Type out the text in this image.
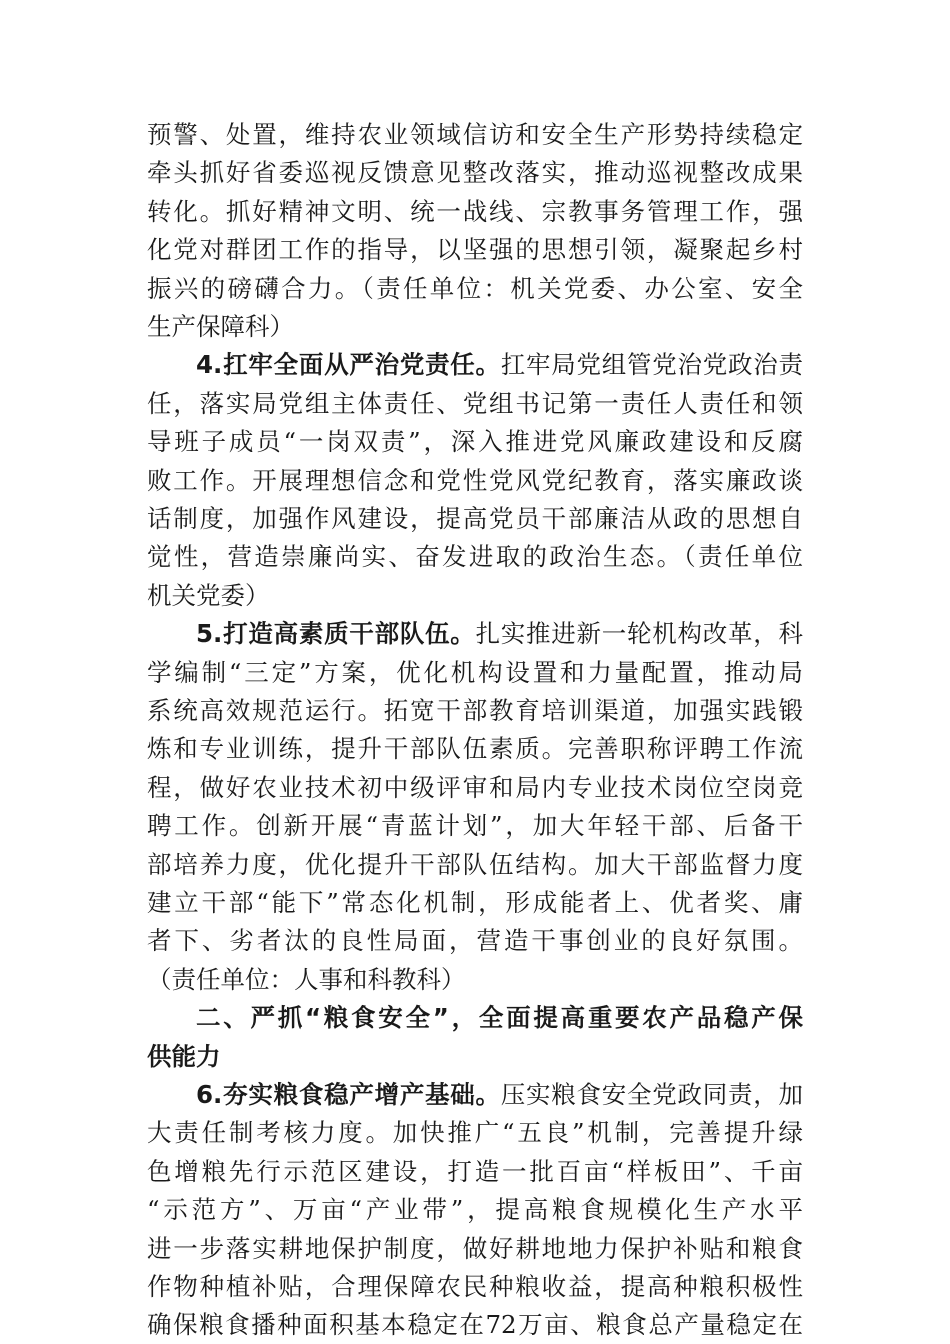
预警、处置，维持农业领域信访和安全生产形势持续稳定
牵头抓好省委巡视反馈意见整改落实，推动巡视整改成果
转化。抓好精神文明、统一战线、宗教事务管理工作，强
化党对群团工作的指导，以坚强的思想引领，凝聚起乡村
振兴的磅礴合力。（责任单位：机关党委、办公室、安全
生产保障科）
4.扛牢全面从严治党责任。扛牢局党组管党治党政治责
任，落实局党组主体责任、党组书记第一责任人责任和领
导班子成员“一岗双责”，深入推进党风廉政建设和反腐
败工作。开展理想信念和党性党风党纪教育，落实廉政谈
话制度，加强作风建设，提高党员干部廉洁从政的思想自
觉性，营造崇廉尚实、奋发进取的政治生态。（责任单位
机关党委）
5.打造高素质干部队伍。扎实推进新一轮机构改革，科
学编制“三定”方案，优化机构设置和力量配置，推动局
系统高效规范运行。拓宽干部教育培训渠道，加强实践锻
炼和专业训练，提升干部队伍素质。完善职称评聘工作流
程，做好农业技术初中级评审和局内专业技术岗位空岗竞
聘工作。创新开展“青蓝计划”，加大年轻干部、后备干
部培养力度，优化提升干部队伍结构。加大干部监督力度
建立干部“能下”常态化机制，形成能者上、优者奖、庸
者下、劣者汰的良性局面，营造干事创业的良好氛围。
（责任单位：人事和科教科）
二、严抓“粮食安全”，全面提高重要农产品稳产保
供能力
6.夯实粮食稳产增产基础。压实粮食安全党政同责，加
大责任制考核力度。加快推广“五良”机制，完善提升绿
色增粮先行示范区建设，打造一批百亩“样板田”、千亩
“示范方”、万亩“产业带”，提高粮食规模化生产水平
进一步落实耕地保护制度，做好耕地地力保护补贴和粮食
作物种植补贴，合理保障农民种粮收益，提高种粮积极性
确保粮食播种面积基本稳定在72万亩、粮食总产量稳定在
